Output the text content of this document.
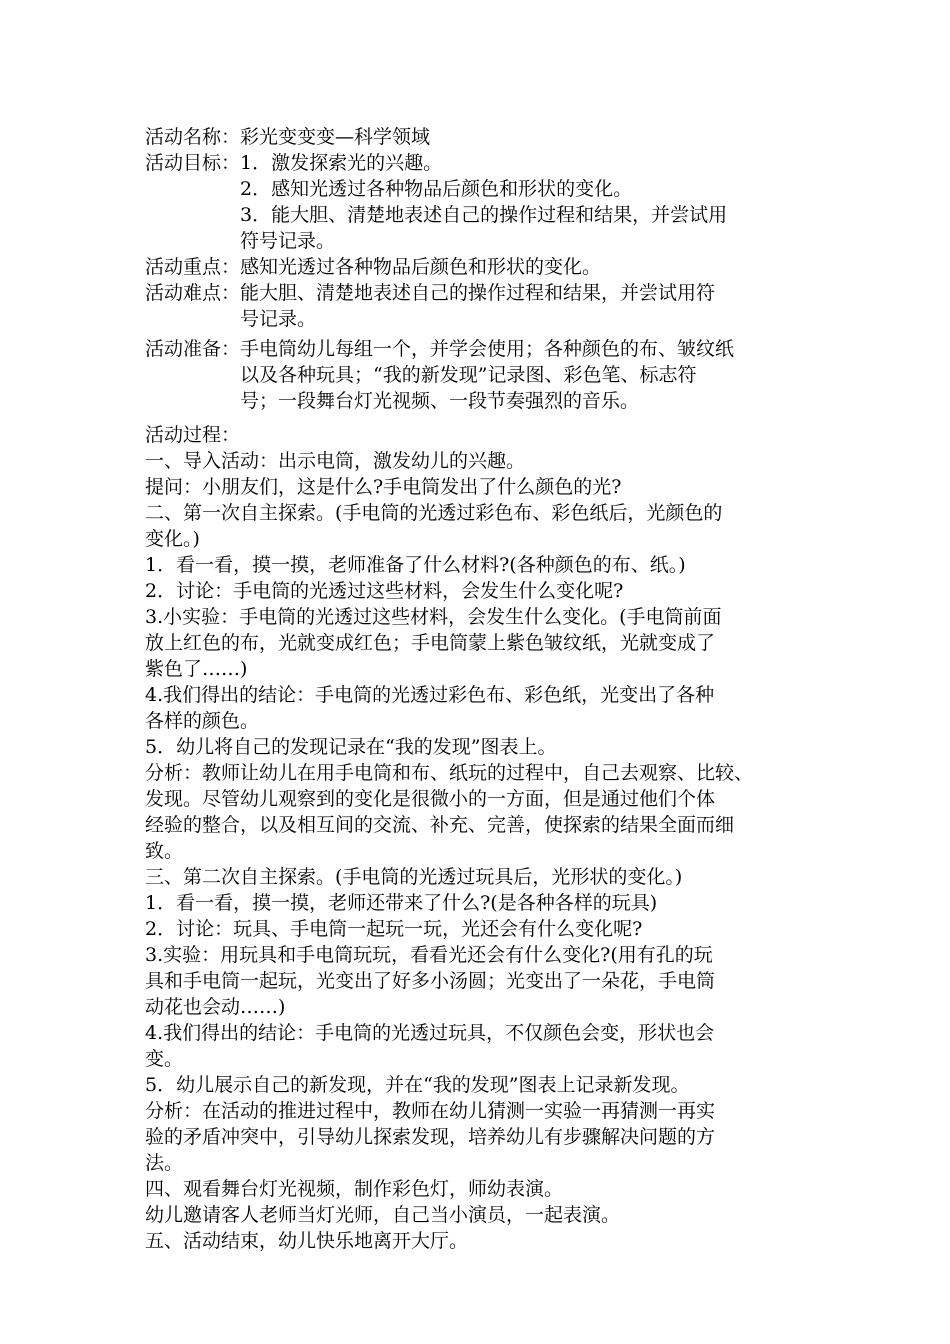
活动名称： 彩光变变变—科学领域
活动目标： 1．激发探索光的兴趣。
2．感知光透过各种物品后颜色和形状的变化。
3．能大胆、清楚地表述自己的操作过程和结果，并尝试用
符号记录。
活动重点： 感知光透过各种物品后颜色和形状的变化。
活动难点： 能大胆、清楚地表述自己的操作过程和结果，并尝试用符
号记录。
活动准备： 手电筒幼儿每组一个，并学会使用；各种颜色的布、皱纹纸
以及各种玩具；“我的新发现”记录图、彩色笔、标志符
号；一段舞台灯光视频、一段节奏强烈的音乐。
活动过程：
一、导入活动：出示电筒，激发幼儿的兴趣。
提问：小朋友们，这是什么?手电筒发出了什么颜色的光?
二、第一次自主探索。(手电筒的光透过彩色布、彩色纸后，光颜色的
变化。)
1．看一看，摸一摸，老师准备了什么材料?(各种颜色的布、纸。)
2．讨论：手电筒的光透过这些材料，会发生什么变化呢?
3.小实验：手电筒的光透过这些材料，会发生什么变化。(手电筒前面
放上红色的布，光就变成红色；手电筒蒙上紫色皱纹纸，光就变成了
紫色了……)
4.我们得出的结论：手电筒的光透过彩色布、彩色纸，光变出了各种
各样的颜色。
5．幼儿将自己的发现记录在“我的发现”图表上。
分析：教师让幼儿在用手电筒和布、纸玩的过程中，自己去观察、比较、
发现。尽管幼儿观察到的变化是很微小的一方面，但是通过他们个体
经验的整合，以及相互间的交流、补充、完善，使探索的结果全面而细
致。
三、第二次自主探索。(手电筒的光透过玩具后，光形状的变化。)
1．看一看，摸一摸，老师还带来了什么?(是各种各样的玩具)
2．讨论：玩具、手电筒一起玩一玩，光还会有什么变化呢?
3.实验：用玩具和手电筒玩玩，看看光还会有什么变化?(用有孔的玩
具和手电筒一起玩，光变出了好多小汤圆；光变出了一朵花，手电筒
动花也会动……)
4.我们得出的结论：手电筒的光透过玩具，不仅颜色会变，形状也会
变。
5．幼儿展示自己的新发现，并在“我的发现”图表上记录新发现。
分析：在活动的推进过程中，教师在幼儿猜测一实验一再猜测一再实
验的矛盾冲突中，引导幼儿探索发现，培养幼儿有步骤解决问题的方
法。
四、观看舞台灯光视频，制作彩色灯，师幼表演。
幼儿邀请客人老师当灯光师，自己当小演员，一起表演。
五、活动结束，幼儿快乐地离开大厅。
